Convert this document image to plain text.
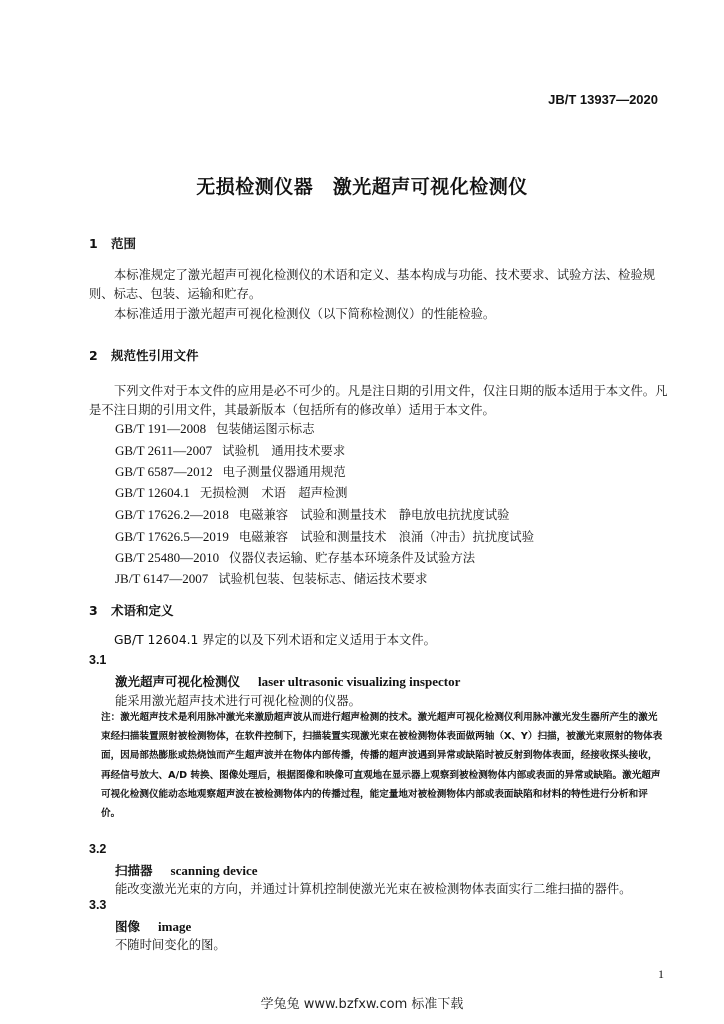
JB/T 13937—2020
无损检测仪器　激光超声可视化检测仪
1 范围
本标准规定了激光超声可视化检测仪的术语和定义、基本构成与功能、技术要求、试验方法、检验规则、标志、包装、运输和贮存。
本标准适用于激光超声可视化检测仪（以下简称检测仪）的性能检验。
2 规范性引用文件
下列文件对于本文件的应用是必不可少的。凡是注日期的引用文件，仅注日期的版本适用于本文件。凡是不注日期的引用文件，其最新版本（包括所有的修改单）适用于本文件。
GB/T 191—2008 包装储运图示标志
GB/T 2611—2007 试验机　通用技术要求
GB/T 6587—2012 电子测量仪器通用规范
GB/T 12604.1 无损检测　术语　超声检测
GB/T 17626.2—2018 电磁兼容　试验和测量技术　静电放电抗扰度试验
GB/T 17626.5—2019 电磁兼容　试验和测量技术　浪涌（冲击）抗扰度试验
GB/T 25480—2010 仪器仪表运输、贮存基本环境条件及试验方法
JB/T 6147—2007 试验机包装、包装标志、储运技术要求
3 术语和定义
GB/T 12604.1 界定的以及下列术语和定义适用于本文件。
3.1
激光超声可视化检测仪 laser ultrasonic visualizing inspector
能采用激光超声技术进行可视化检测的仪器。
注：激光超声技术是利用脉冲激光来激励超声波从而进行超声检测的技术。激光超声可视化检测仪利用脉冲激光发生器所产生的激光束经扫描装置照射被检测物体，在软件控制下，扫描装置实现激光束在被检测物体表面做两轴（X、Y）扫描，被激光束照射的物体表面，因局部热膨胀或热烧蚀而产生超声波并在物体内部传播，传播的超声波遇到异常或缺陷时被反射到物体表面，经接收探头接收，再经信号放大、A/D 转换、图像处理后，根据图像和映像可直观地在显示器上观察到被检测物体内部或表面的异常或缺陷。激光超声可视化检测仪能动态地观察超声波在被检测物体内的传播过程，能定量地对被检测物体内部或表面缺陷和材料的特性进行分析和评价。
3.2
扫描器 scanning device
能改变激光光束的方向，并通过计算机控制使激光光束在被检测物体表面实行二维扫描的器件。
3.3
图像 image
不随时间变化的图。
1
学兔兔 www.bzfxw.com 标准下载
